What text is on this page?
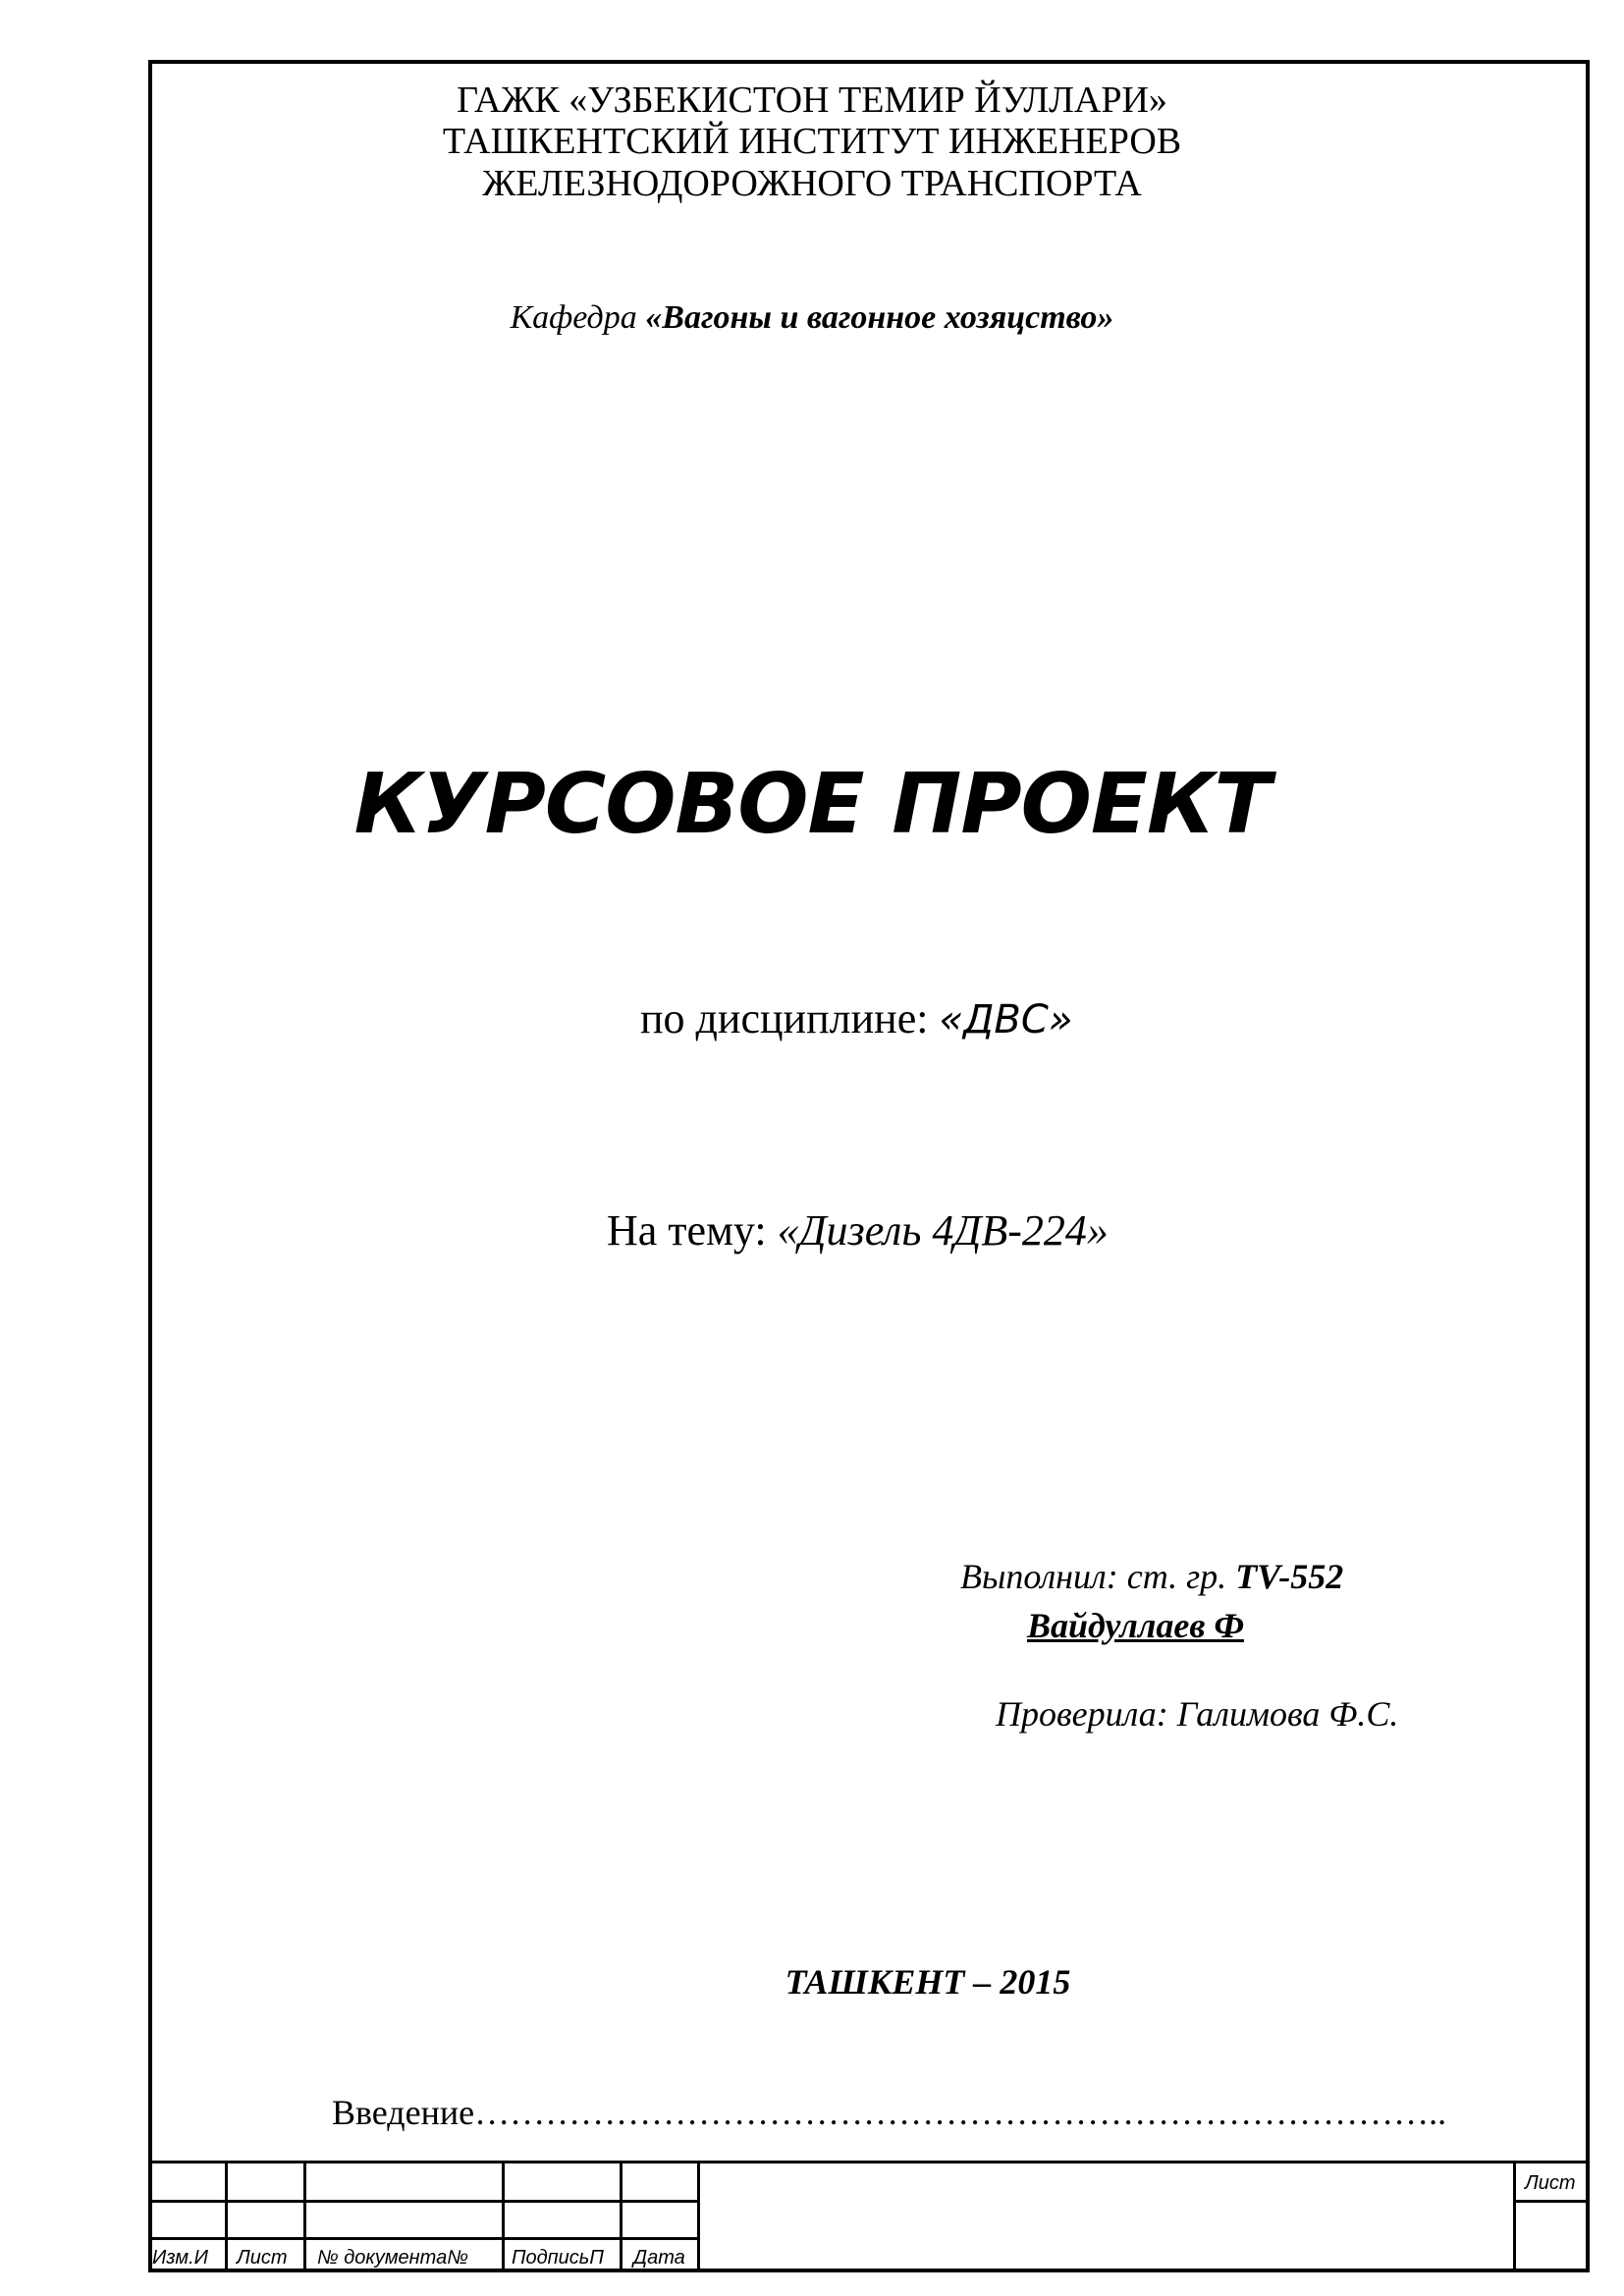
ГАЖК «УЗБЕКИСТОН ТЕМИР ЙУЛЛАРИ»
ТАШКЕНТСКИЙ ИНСТИТУТ ИНЖЕНЕРОВ
ЖЕЛЕЗНОДОРОЖНОГО ТРАНСПОРТА
Кафедра «Вагоны и вагонное хозяцство»
КУРСОВОЕ ПРОЕКТ
по дисциплине: «ДВС»
На тему: «Дизель 4ДВ-224»
Выполнил: ст. гр. TV-552
Вайдуллаев Ф
Проверила: Галимова Ф.С.
ТАШКЕНТ – 2015
Введение………………………………………………………………………..
Изм.И Лист № документа№ ПодписьП Дата
Лист
